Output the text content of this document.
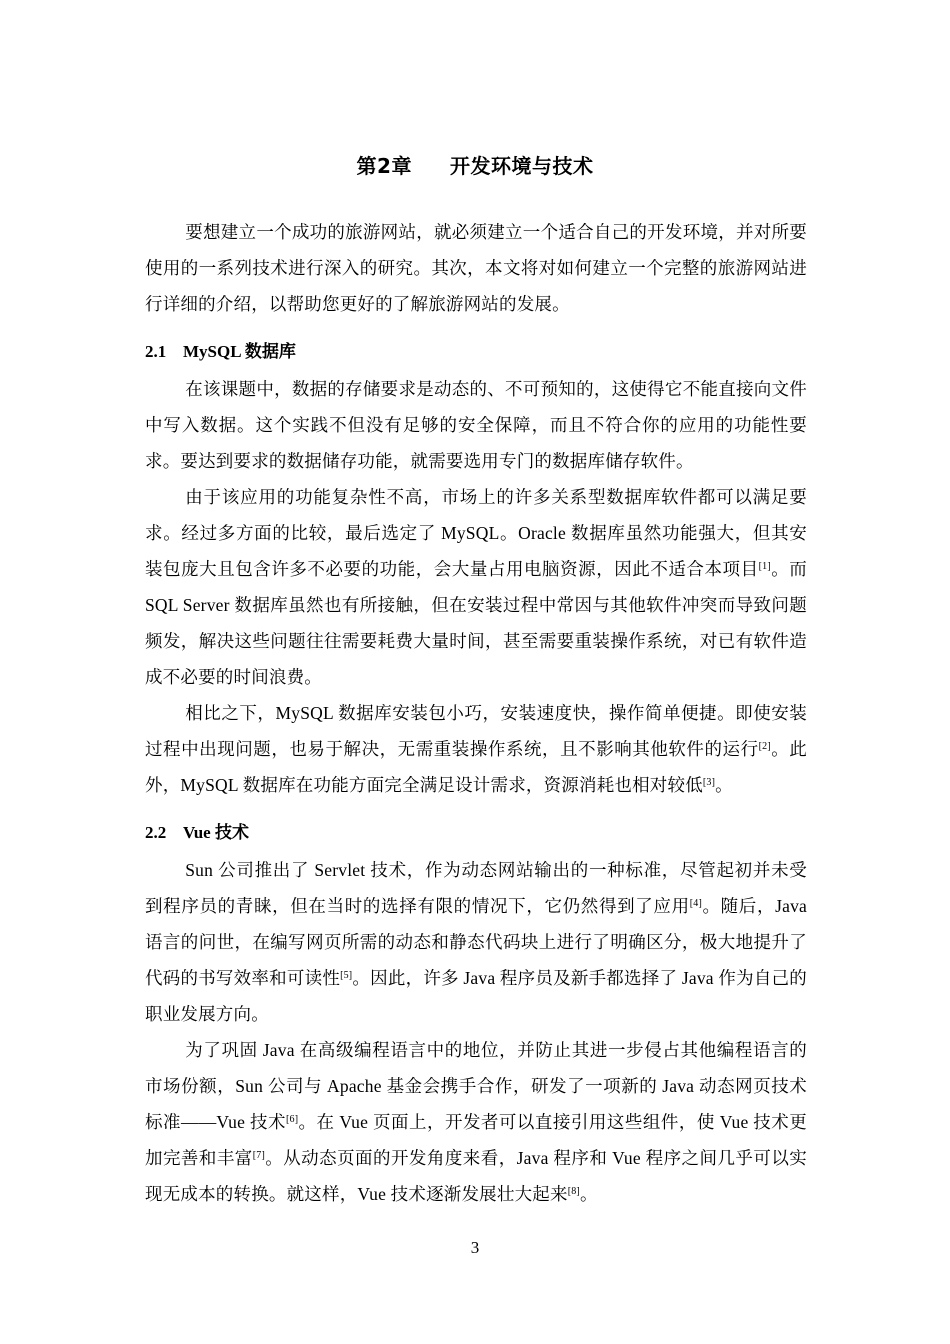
第2章 开发环境与技术

要想建立一个成功的旅游网站，就必须建立一个适合自己的开发环境，并对所要使用的一系列技术进行深入的研究。其次，本文将对如何建立一个完整的旅游网站进行详细的介绍，以帮助您更好的了解旅游网站的发展。

2.1 MySQL 数据库

在该课题中，数据的存储要求是动态的、不可预知的，这使得它不能直接向文件中写入数据。这个实践不但没有足够的安全保障，而且不符合你的应用的功能性要求。要达到要求的数据储存功能，就需要选用专门的数据库储存软件。

由于该应用的功能复杂性不高，市场上的许多关系型数据库软件都可以满足要求。经过多方面的比较，最后选定了 MySQL。Oracle 数据库虽然功能强大，但其安装包庞大且包含许多不必要的功能，会大量占用电脑资源，因此不适合本项目[1]。而 SQL Server 数据库虽然也有所接触，但在安装过程中常因与其他软件冲突而导致问题频发，解决这些问题往往需要耗费大量时间，甚至需要重装操作系统，对已有软件造成不必要的时间浪费。

相比之下，MySQL 数据库安装包小巧，安装速度快，操作简单便捷。即使安装过程中出现问题，也易于解决，无需重装操作系统，且不影响其他软件的运行[2]。此外，MySQL 数据库在功能方面完全满足设计需求，资源消耗也相对较低[3]。

2.2 Vue 技术

Sun 公司推出了 Servlet 技术，作为动态网站输出的一种标准，尽管起初并未受到程序员的青睐，但在当时的选择有限的情况下，它仍然得到了应用[4]。随后，Java 语言的问世，在编写网页所需的动态和静态代码块上进行了明确区分，极大地提升了代码的书写效率和可读性[5]。因此，许多 Java 程序员及新手都选择了 Java 作为自己的职业发展方向。

为了巩固 Java 在高级编程语言中的地位，并防止其进一步侵占其他编程语言的市场份额，Sun 公司与 Apache 基金会携手合作，研发了一项新的 Java 动态网页技术标准——Vue 技术[6]。在 Vue 页面上，开发者可以直接引用这些组件，使 Vue 技术更加完善和丰富[7]。从动态页面的开发角度来看，Java 程序和 Vue 程序之间几乎可以实现无成本的转换。就这样，Vue 技术逐渐发展壮大起来[8]。

3
